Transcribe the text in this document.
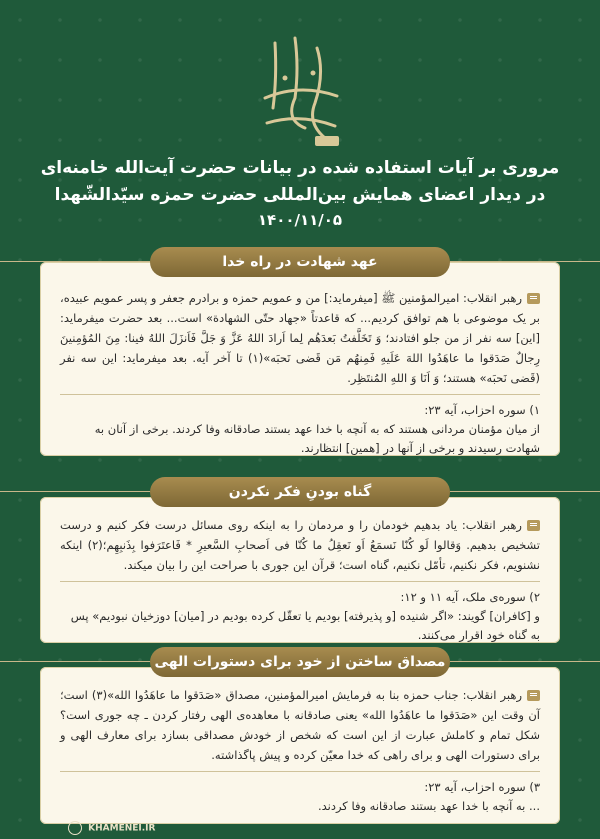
مروری بر آیات استفاده شده در بیانات حضرت آیت‌الله خامنه‌ای
در دیدار اعضای همایش بین‌المللی حضرت حمزه سیّدالشّهدا
۱۴۰۰/۱۱/۰۵
رهبر انقلاب: امیرالمؤمنین ﷺ [میفرماید:] من و عمویم حمزه و برادرم جعفر و پسر عمویم عبیده، بر یک موضوعی با هم توافق کردیم... که قاعدتاً «جهاد حتّی الشهادة» است... بعد حضرت میفرماید: [این] سه نفر از من جلو افتادند؛ وَ تَخَلَّفتُ بَعدَهُم لِما اَرادَ اللهُ عَزَّ وَ جَلَّ فَاَنزَلَ اللهُ فینا: مِنَ المُؤمِنینَ رِجالٌ صَدَقوا ما عاهَدُوا اللهَ عَلَیهِ فَمِنهُم مَن قَضی نَحبَه»(۱) تا آخر آیه. بعد میفرماید: این سه نفر (قَضی نَحبَه» هستند؛ وَ اَنَا وَ اللهِ المُنتَظِر.
۱) سوره احزاب، آیه ۲۳:
از میان مؤمنان مردانی هستند که به آنچه با خدا عهد بستند صادقانه وفا کردند. برخی از آنان به شهادت رسیدند و برخی از آنها در [همین] انتظارند.
عهد شهادت در راه خدا
رهبر انقلاب: یاد بدهیم خودمان را و مردمان را به اینکه روی مسائل درست فکر کنیم و درست تشخیص بدهیم. وَقالوا لَو کُنّا نَسمَعُ اَو نَعقِلُ ما کُنّا فی اَصحابِ السَّعیرِ * فَاعتَرَفوا بِذَنبِهِم؛(۲) اینکه نشنویم، فکر نکنیم، تأمّل نکنیم، گناه است؛ قرآن این جوری با صراحت این را بیان میکند.
۲) سوره‌ی ملک، آیه ۱۱ و ۱۲:
و [کافران] گویند: «اگر شنیده [و پذیرفته] بودیم یا تعقّل کرده بودیم در [میان] دوزخیان نبودیم» پس به گناه خود اقرار می‌کنند.
گناه بودنِ فکر نکردن
رهبر انقلاب: جناب حمزه بنا به فرمایش امیرالمؤمنین، مصداق «صَدَقوا ما عاهَدُوا الله»(۳) است؛ آن وقت این «صَدَقوا ما عاهَدُوا الله» یعنی صادقانه با معاهده‌ی الهی رفتار کردن ـ چه جوری است؟ شکل تمام و کاملش عبارت از این است که شخص از خودش مصداقی بسازد برای معارف الهی و برای دستورات الهی و برای راهی که خدا معیّن کرده و پیش پاگذاشته.
۳) سوره احزاب، آیه ۲۳:
... به آنچه با خدا عهد بستند صادقانه وفا کردند.
مصداق ساختن از خود برای دستورات الهی
KHAMENEI.IR
